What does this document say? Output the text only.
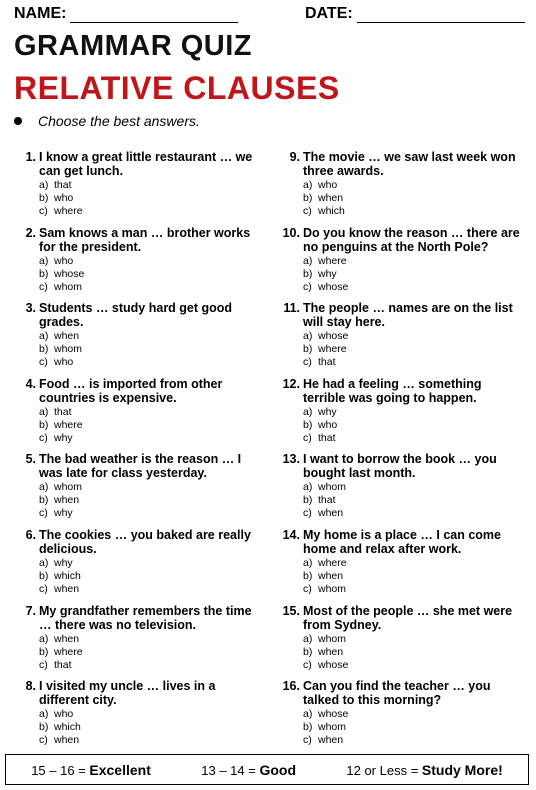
NAME:	DATE:
GRAMMAR QUIZ
RELATIVE CLAUSES
Choose the best answers.
1. I know a great little restaurant … we can get lunch.
a) that
b) who
c) where
2. Sam knows a man … brother works for the president.
a) who
b) whose
c) whom
3. Students … study hard get good grades.
a) when
b) whom
c) who
4. Food … is imported from other countries is expensive.
a) that
b) where
c) why
5. The bad weather is the reason … I was late for class yesterday.
a) whom
b) when
c) why
6. The cookies … you baked are really delicious.
a) why
b) which
c) when
7. My grandfather remembers the time … there was no television.
a) when
b) where
c) that
8. I visited my uncle … lives in a different city.
a) who
b) which
c) when
9. The movie … we saw last week won three awards.
a) who
b) when
c) which
10. Do you know the reason … there are no penguins at the North Pole?
a) where
b) why
c) whose
11. The people … names are on the list will stay here.
a) whose
b) where
c) that
12. He had a feeling … something terrible was going to happen.
a) why
b) who
c) that
13. I want to borrow the book … you bought last month.
a) whom
b) that
c) when
14. My home is a place … I can come home and relax after work.
a) where
b) when
c) whom
15. Most of the people … she met were from Sydney.
a) whom
b) when
c) whose
16. Can you find the teacher … you talked to this morning?
a) whose
b) whom
c) when
15 – 16 = Excellent	13 – 14 = Good	12 or Less = Study More!
